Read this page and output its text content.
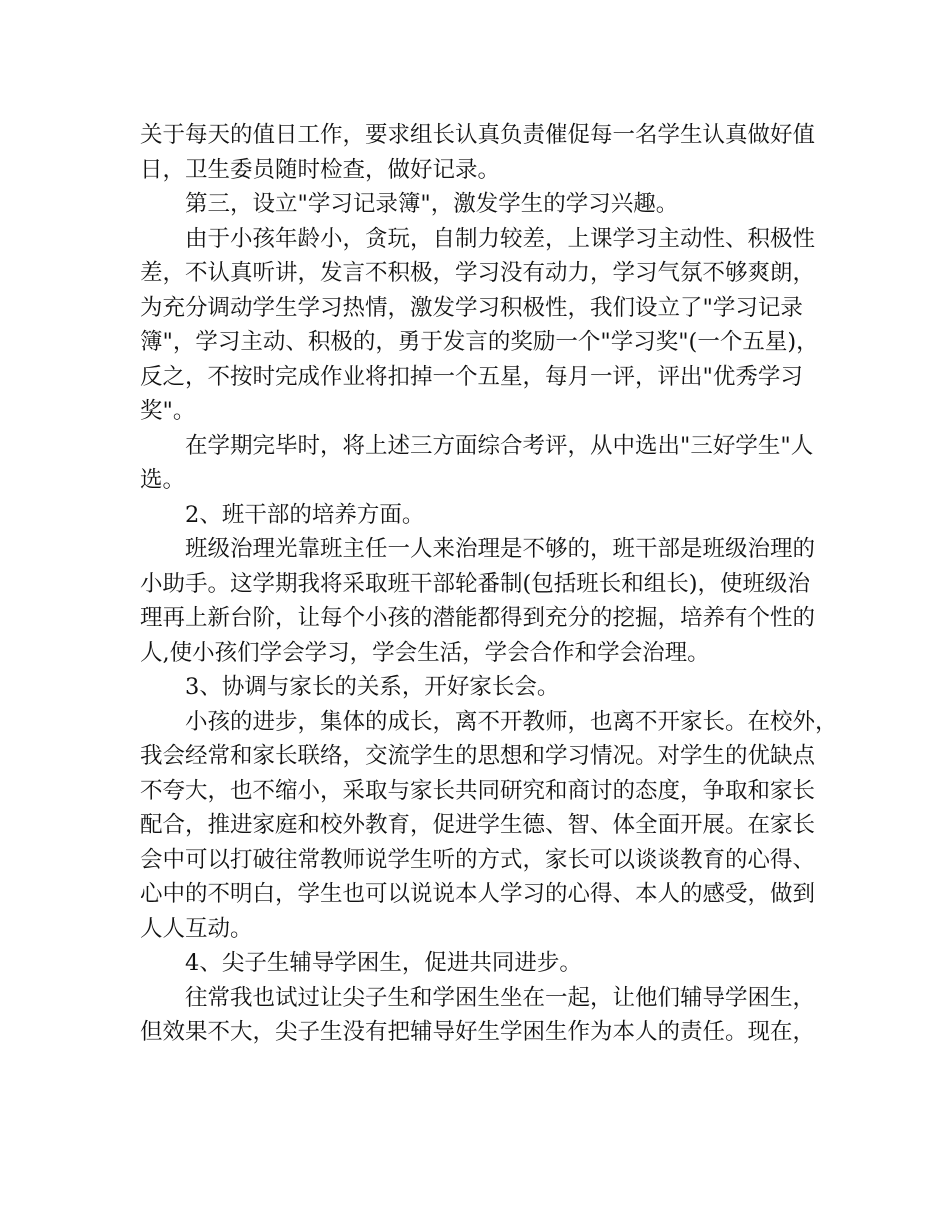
关于每天的值日工作，要求组长认真负责催促每一名学生认真做好值
日，卫生委员随时检查，做好记录。
第三，设立"学习记录簿"，激发学生的学习兴趣。
由于小孩年龄小，贪玩，自制力较差，上课学习主动性、积极性
差，不认真听讲，发言不积极，学习没有动力，学习气氛不够爽朗，
为充分调动学生学习热情，激发学习积极性，我们设立了"学习记录
簿"，学习主动、积极的，勇于发言的奖励一个"学习奖"(一个五星)，
反之，不按时完成作业将扣掉一个五星，每月一评，评出"优秀学习
奖"。
在学期完毕时，将上述三方面综合考评，从中选出"三好学生"人
选。
2、班干部的培养方面。
班级治理光靠班主任一人来治理是不够的，班干部是班级治理的
小助手。这学期我将采取班干部轮番制(包括班长和组长)，使班级治
理再上新台阶，让每个小孩的潜能都得到充分的挖掘，培养有个性的
人,使小孩们学会学习，学会生活，学会合作和学会治理。
3、协调与家长的关系，开好家长会。
小孩的进步，集体的成长，离不开教师，也离不开家长。在校外，
我会经常和家长联络，交流学生的思想和学习情况。对学生的优缺点
不夸大，也不缩小，采取与家长共同研究和商讨的态度，争取和家长
配合，推进家庭和校外教育，促进学生德、智、体全面开展。在家长
会中可以打破往常教师说学生听的方式，家长可以谈谈教育的心得、
心中的不明白，学生也可以说说本人学习的心得、本人的感受，做到
人人互动。
4、尖子生辅导学困生，促进共同进步。
往常我也试过让尖子生和学困生坐在一起，让他们辅导学困生，
但效果不大，尖子生没有把辅导好生学困生作为本人的责任。现在，
